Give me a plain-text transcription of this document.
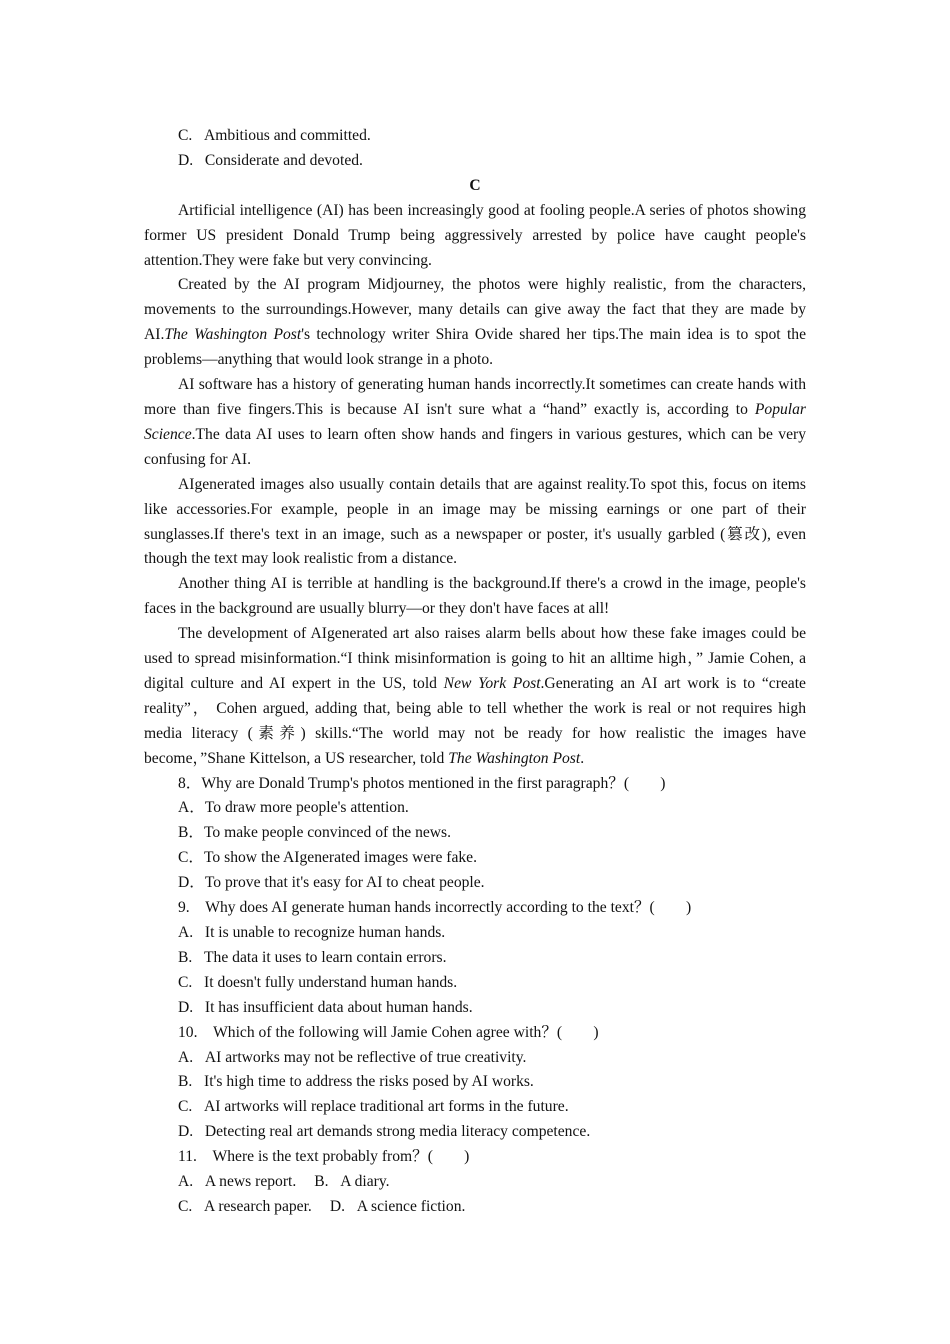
C. Ambitious and committed.

D. Considerate and devoted.

C

Artificial intelligence (AI) has been increasingly good at fooling people.A series of photos showing former US president Donald Trump being aggressively arrested by police have caught people's attention.They were fake but very convincing.

Created by the AI program Midjourney, the photos were highly realistic, from the characters, movements to the surroundings.However, many details can give away the fact that they are made by AI.The Washington Post's technology writer Shira Ovide shared her tips.The main idea is to spot the problems—anything that would look strange in a photo.

AI software has a history of generating human hands incorrectly.It sometimes can create hands with more than five fingers.This is because AI isn't sure what a “hand” exactly is, according to Popular Science.The data AI uses to learn often show hands and fingers in various gestures, which can be very confusing for AI.

AIgenerated images also usually contain details that are against reality.To spot this, focus on items like accessories.For example, people in an image may be missing earnings or one part of their sunglasses.If there's text in an image, such as a newspaper or poster, it's usually garbled (篡改), even though the text may look realistic from a distance.

Another thing AI is terrible at handling is the background.If there's a crowd in the image, people's faces in the background are usually blurry—or they don't have faces at all!

The development of AIgenerated art also raises alarm bells about how these fake images could be used to spread misinformation.“I think misinformation is going to hit an alltime high，” Jamie Cohen, a digital culture and AI expert in the US, told New York Post.Generating an AI art work is to “create reality”， Cohen argued, adding that, being able to tell whether the work is real or not requires high media literacy (素养) skills.“The world may not be ready for how realistic the images have become，”Shane Kittelson, a US researcher, told The Washington Post.

8．Why are Donald Trump's photos mentioned in the first paragraph？(　　)

A．To draw more people's attention.

B．To make people convinced of the news.

C．To show the AIgenerated images were fake.

D．To prove that it's easy for AI to cheat people.

9.　Why does AI generate human hands incorrectly according to the text？(　　)

A. It is unable to recognize human hands.

B. The data it uses to learn contain errors.

C. It doesn't fully understand human hands.

D. It has insufficient data about human hands.

10.　Which of the following will Jamie Cohen agree with？(　　)

A. AI artworks may not be reflective of true creativity.

B. It's high time to address the risks posed by AI works.

C. AI artworks will replace traditional art forms in the future.

D. Detecting real art demands strong media literacy competence.

11.　Where is the text probably from？(　　)

A. A news report. B. A diary.

C. A research paper. D. A science fiction.
